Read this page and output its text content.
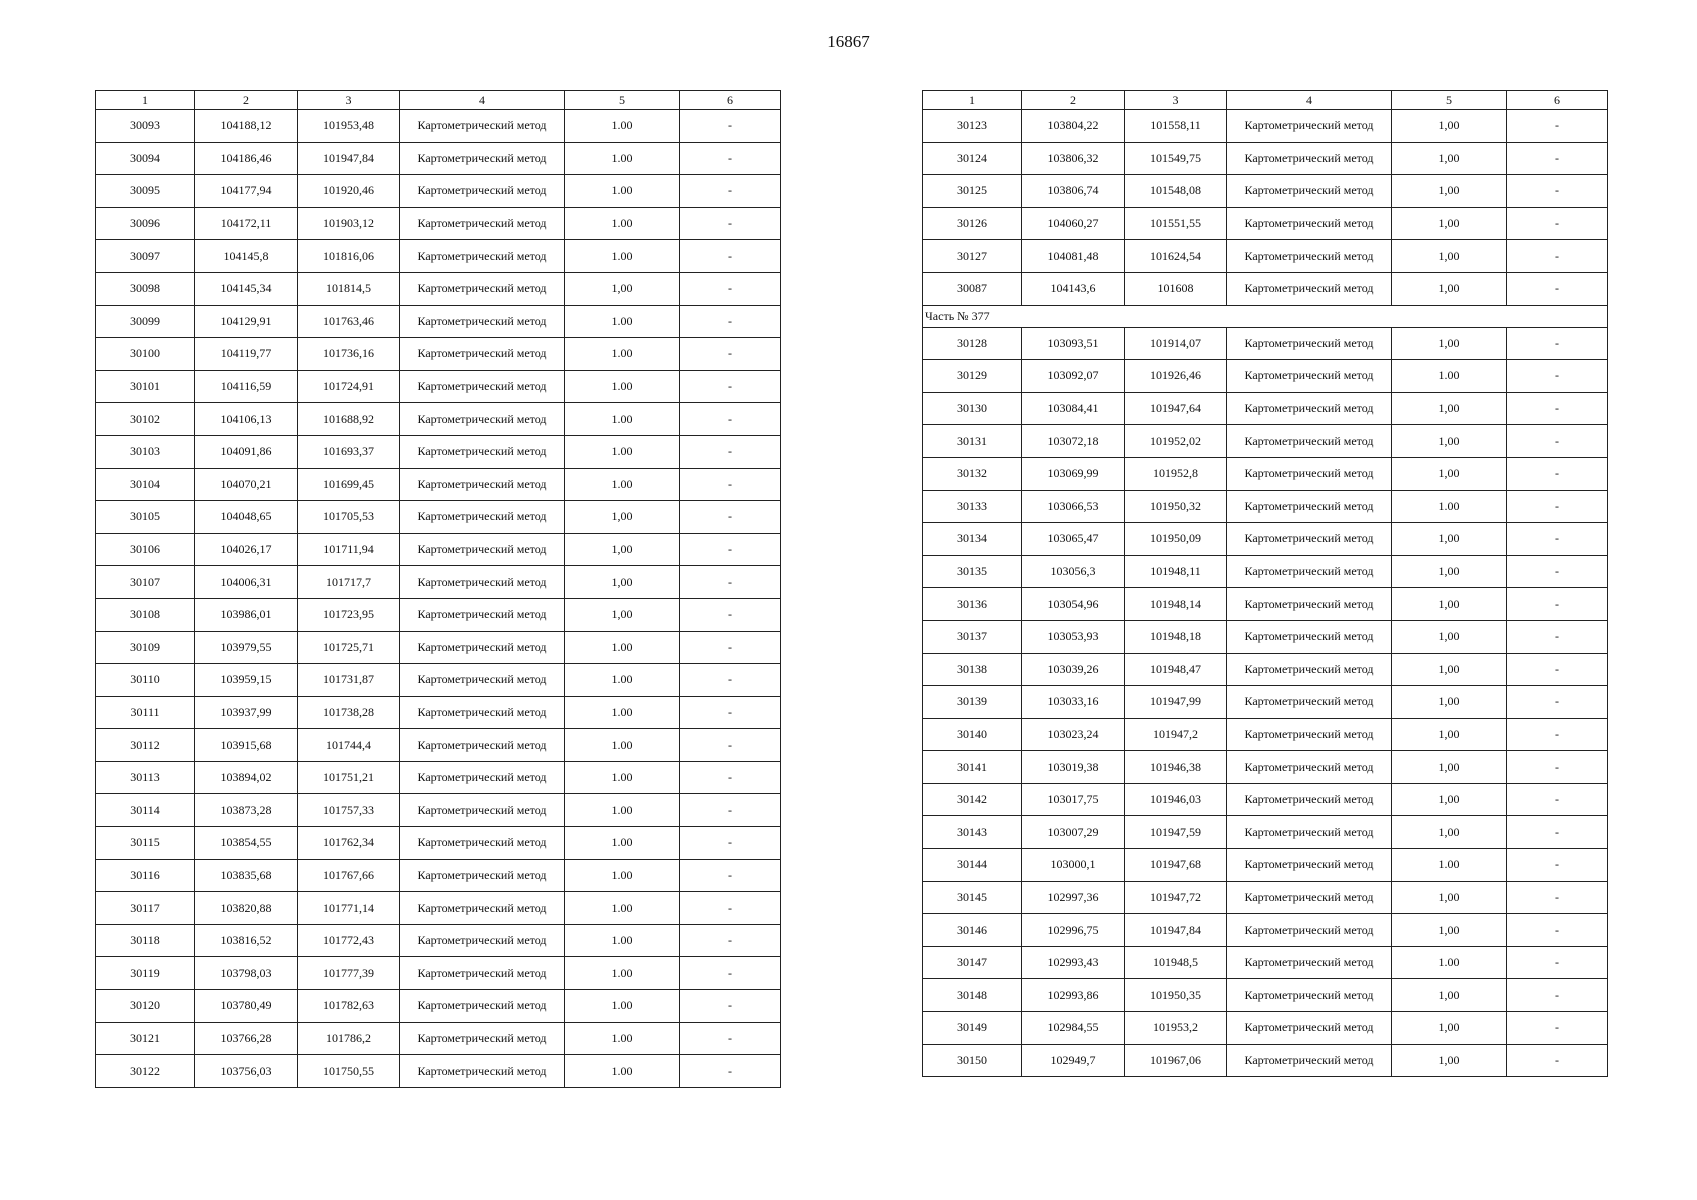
16867
1	2	3	4	5	6
30093	104188,12	101953,48	Картометрический метод	1.00	-
30094	104186,46	101947,84	Картометрический метод	1.00	-
30095	104177,94	101920,46	Картометрический метод	1.00	-
30096	104172,11	101903,12	Картометрический метод	1.00	-
30097	104145,8	101816,06	Картометрический метод	1.00	-
30098	104145,34	101814,5	Картометрический метод	1,00	-
30099	104129,91	101763,46	Картометрический метод	1.00	-
30100	104119,77	101736,16	Картометрический метод	1.00	-
30101	104116,59	101724,91	Картометрический метод	1.00	-
30102	104106,13	101688,92	Картометрический метод	1.00	-
30103	104091,86	101693,37	Картометрический метод	1.00	-
30104	104070,21	101699,45	Картометрический метод	1.00	-
30105	104048,65	101705,53	Картометрический метод	1,00	-
30106	104026,17	101711,94	Картометрический метод	1,00	-
30107	104006,31	101717,7	Картометрический метод	1,00	-
30108	103986,01	101723,95	Картометрический метод	1,00	-
30109	103979,55	101725,71	Картометрический метод	1.00	-
30110	103959,15	101731,87	Картометрический метод	1.00	-
30111	103937,99	101738,28	Картометрический метод	1.00	-
30112	103915,68	101744,4	Картометрический метод	1.00	-
30113	103894,02	101751,21	Картометрический метод	1.00	-
30114	103873,28	101757,33	Картометрический метод	1.00	-
30115	103854,55	101762,34	Картометрический метод	1.00	-
30116	103835,68	101767,66	Картометрический метод	1.00	-
30117	103820,88	101771,14	Картометрический метод	1.00	-
30118	103816,52	101772,43	Картометрический метод	1.00	-
30119	103798,03	101777,39	Картометрический метод	1.00	-
30120	103780,49	101782,63	Картометрический метод	1.00	-
30121	103766,28	101786,2	Картометрический метод	1.00	-
30122	103756,03	101750,55	Картометрический метод	1.00	-
1	2	3	4	5	6
30123	103804,22	101558,11	Картометрический метод	1,00	-
30124	103806,32	101549,75	Картометрический метод	1,00	-
30125	103806,74	101548,08	Картометрический метод	1,00	-
30126	104060,27	101551,55	Картометрический метод	1,00	-
30127	104081,48	101624,54	Картометрический метод	1,00	-
30087	104143,6	101608	Картометрический метод	1,00	-
Часть № 377					
30128	103093,51	101914,07	Картометрический метод	1,00	-
30129	103092,07	101926,46	Картометрический метод	1.00	-
30130	103084,41	101947,64	Картометрический метод	1,00	-
30131	103072,18	101952,02	Картометрический метод	1,00	-
30132	103069,99	101952,8	Картометрический метод	1,00	-
30133	103066,53	101950,32	Картометрический метод	1.00	-
30134	103065,47	101950,09	Картометрический метод	1,00	-
30135	103056,3	101948,11	Картометрический метод	1,00	-
30136	103054,96	101948,14	Картометрический метод	1,00	-
30137	103053,93	101948,18	Картометрический метод	1,00	-
30138	103039,26	101948,47	Картометрический метод	1,00	-
30139	103033,16	101947,99	Картометрический метод	1,00	-
30140	103023,24	101947,2	Картометрический метод	1,00	-
30141	103019,38	101946,38	Картометрический метод	1,00	-
30142	103017,75	101946,03	Картометрический метод	1,00	-
30143	103007,29	101947,59	Картометрический метод	1,00	-
30144	103000,1	101947,68	Картометрический метод	1.00	-
30145	102997,36	101947,72	Картометрический метод	1,00	-
30146	102996,75	101947,84	Картометрический метод	1,00	-
30147	102993,43	101948,5	Картометрический метод	1.00	-
30148	102993,86	101950,35	Картометрический метод	1,00	-
30149	102984,55	101953,2	Картометрический метод	1,00	-
30150	102949,7	101967,06	Картометрический метод	1,00	-
